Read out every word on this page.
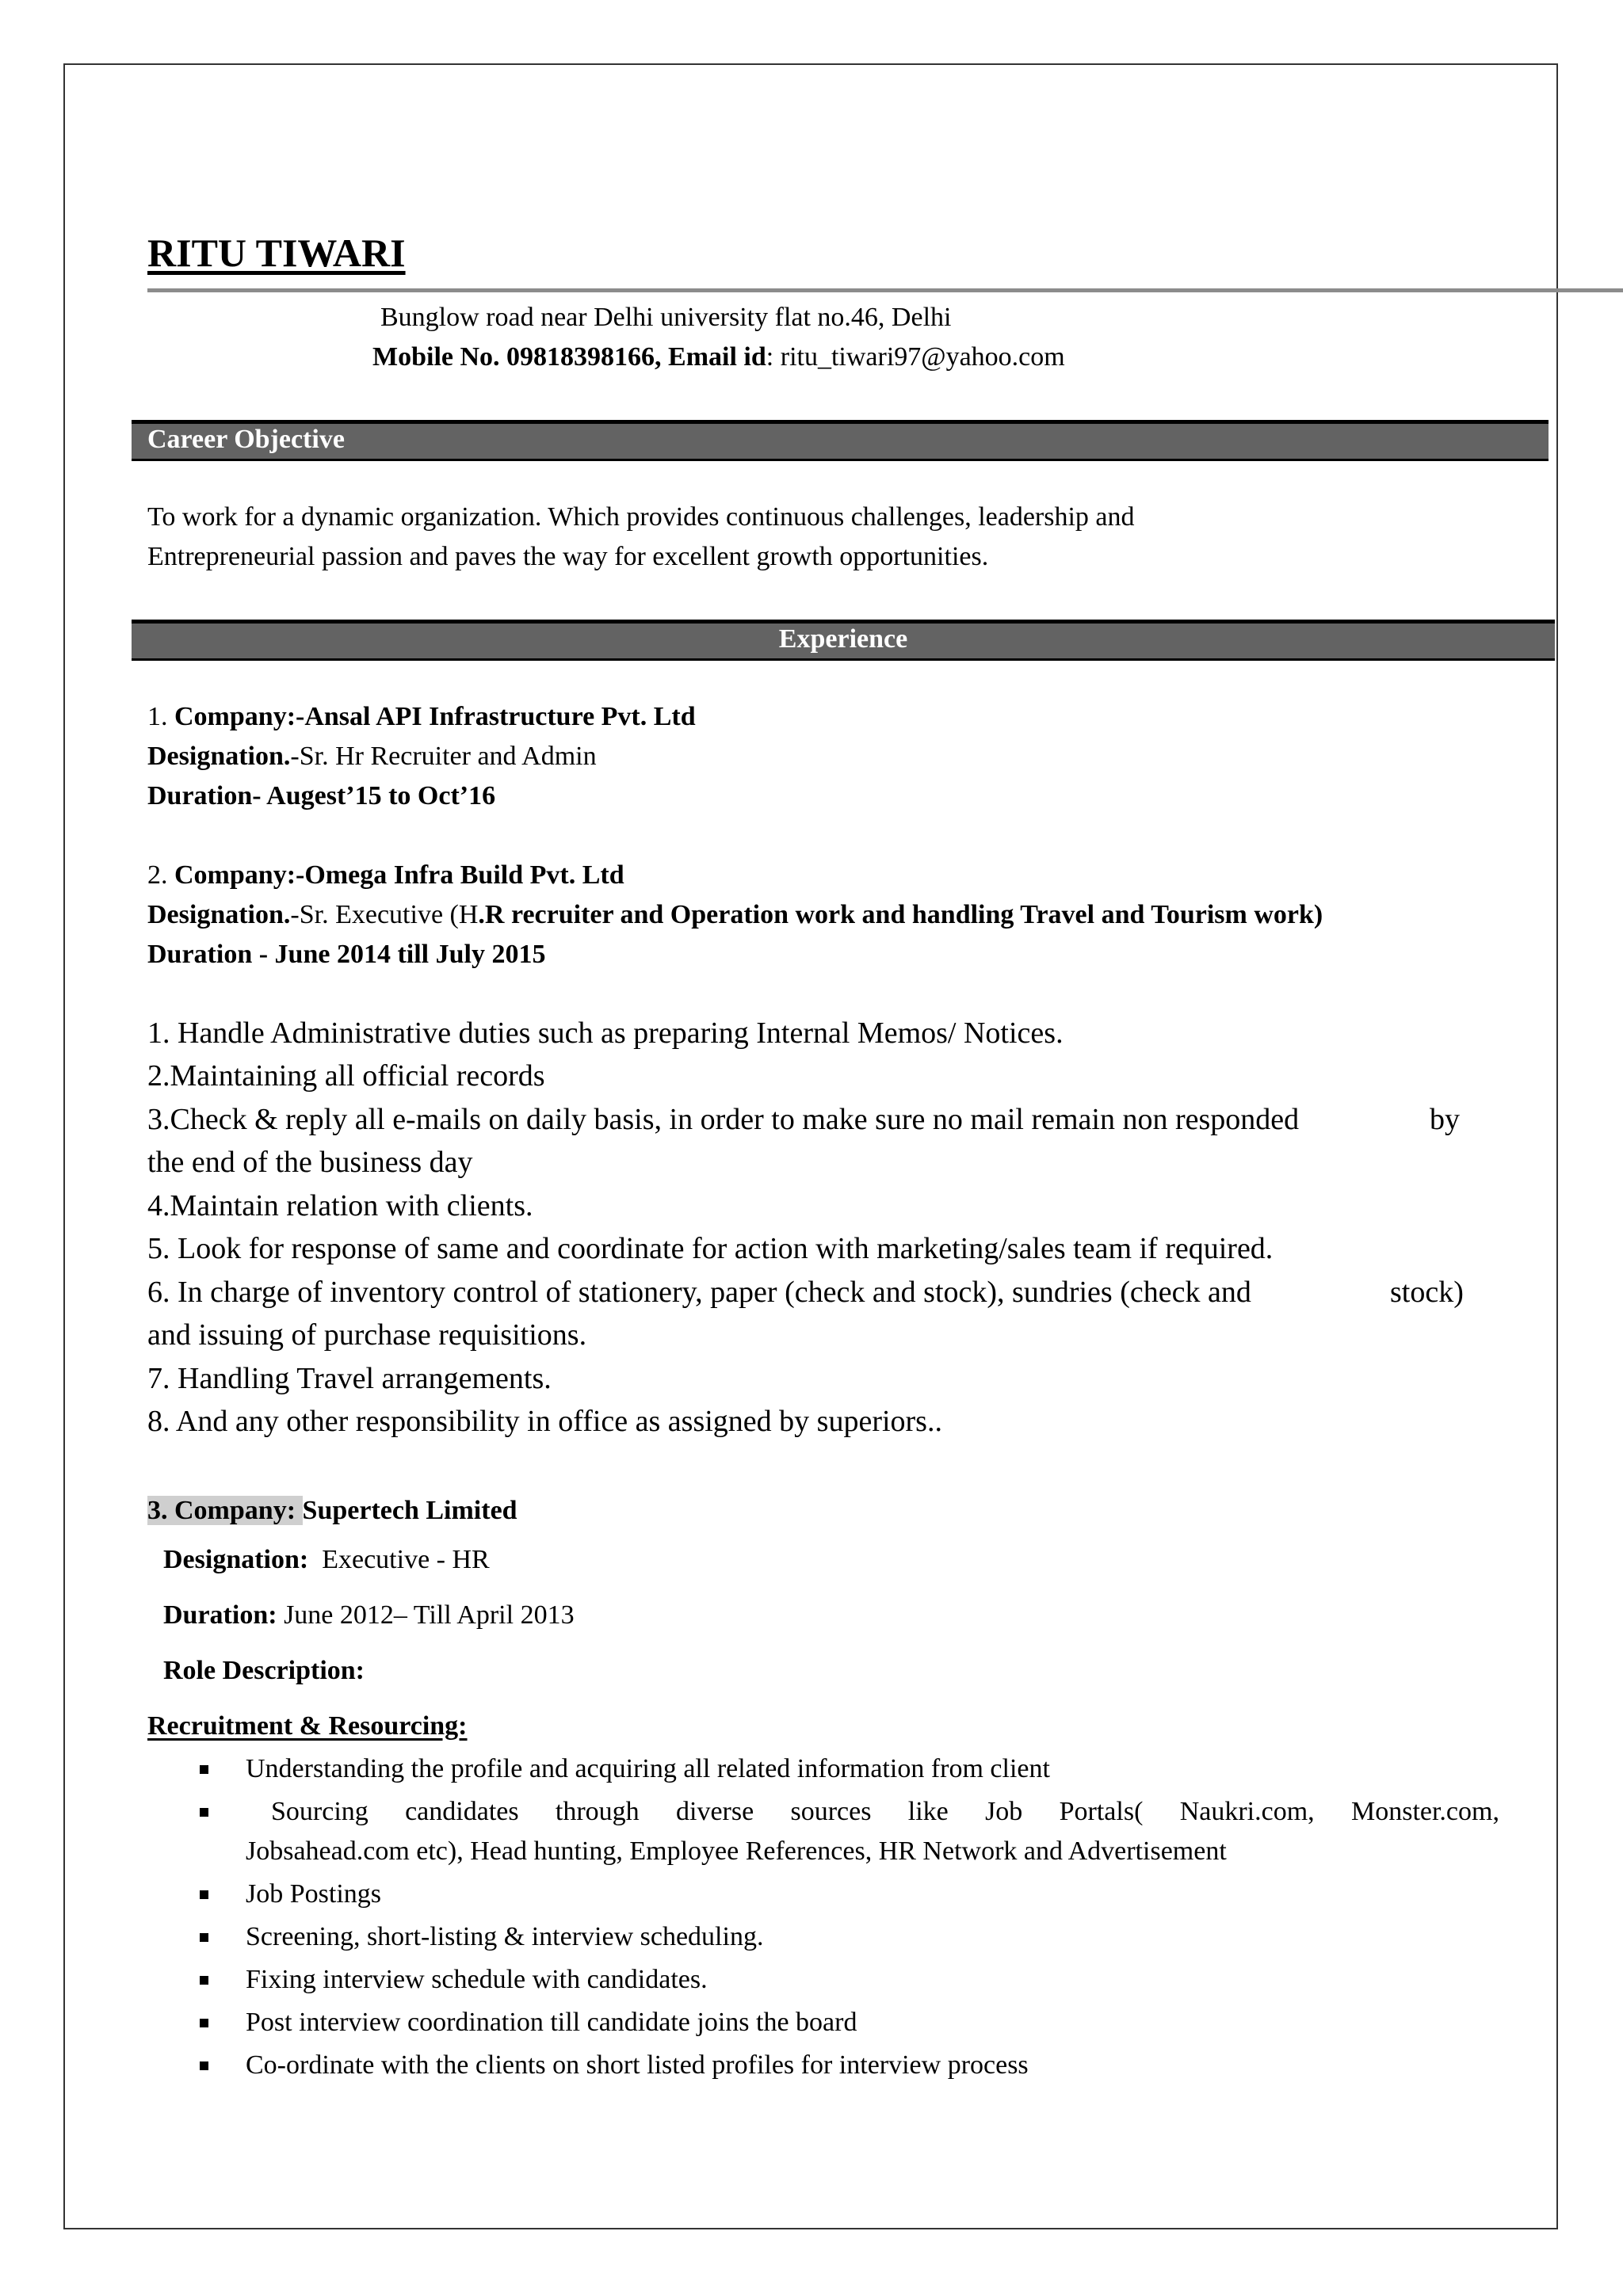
RITU TIWARI
Bunglow road near Delhi university flat no.46, Delhi
Mobile No. 09818398166, Email id: ritu_tiwari97@yahoo.com
Career Objective
To work for a dynamic organization. Which provides continuous challenges, leadership and
Entrepreneurial passion and paves the way for excellent growth opportunities.
Experience
1. Company:-Ansal API Infrastructure Pvt. Ltd
Designation.-Sr. Hr Recruiter and Admin
Duration- Augest’15 to Oct’16
2. Company:-Omega Infra Build Pvt. Ltd
Designation.-Sr. Executive (H.R recruiter and Operation work and handling Travel and Tourism work)
Duration - June 2014 till July 2015
1. Handle Administrative duties such as preparing Internal Memos/ Notices.
2.Maintaining all official records
3.Check & reply all e-mails on daily basis, in order to make sure no mail remain non responded	by
the end of the business day
4.Maintain relation with clients.
5. Look for response of same and coordinate for action with marketing/sales team if required.
6. In charge of inventory control of stationery, paper (check and stock), sundries (check and	stock)
and issuing of purchase requisitions.
7. Handling Travel arrangements.
8. And any other responsibility in office as assigned by superiors..
3. Company: Supertech Limited
Designation: Executive - HR
Duration: June 2012– Till April 2013
Role Description:
Recruitment & Resourcing:
Understanding the profile and acquiring all related information from client
Sourcing candidates through diverse sources like Job Portals( Naukri.com, Monster.com,
Jobsahead.com etc), Head hunting, Employee References, HR Network and Advertisement
Job Postings
Screening, short-listing & interview scheduling.
Fixing interview schedule with candidates.
Post interview coordination till candidate joins the board
Co-ordinate with the clients on short listed profiles for interview process
